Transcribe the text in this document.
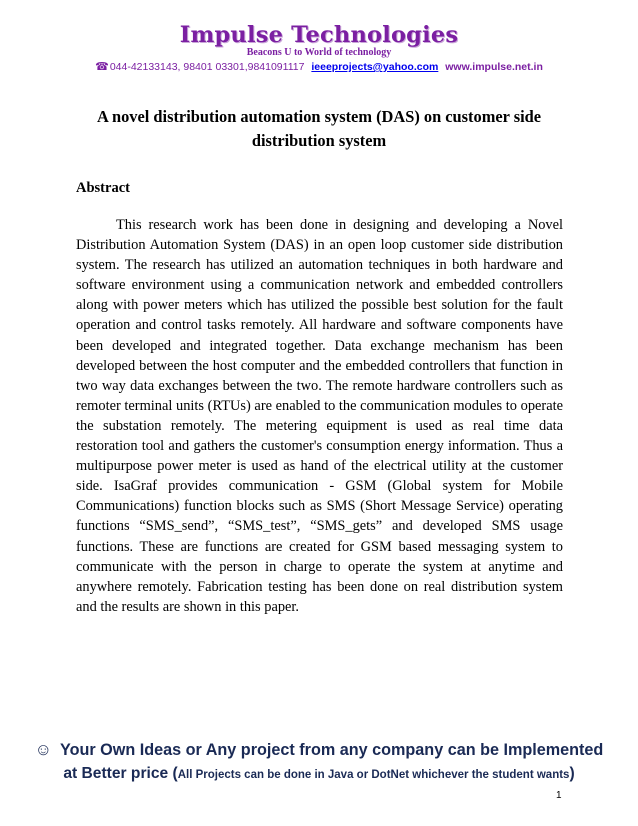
Impulse Technologies
Beacons U to World of technology
☎044-42133143, 98401 03301,9841091117 ieeeprojects@yahoo.com www.impulse.net.in
A novel distribution automation system (DAS) on customer side distribution system
Abstract

This research work has been done in designing and developing a Novel Distribution Automation System (DAS) in an open loop customer side distribution system. The research has utilized an automation techniques in both hardware and software environment using a communication network and embedded controllers along with power meters which has utilized the possible best solution for the fault operation and control tasks remotely. All hardware and software components have been developed and integrated together. Data exchange mechanism has been developed between the host computer and the embedded controllers that function in two way data exchanges between the two. The remote hardware controllers such as remoter terminal units (RTUs) are enabled to the communication modules to operate the substation remotely. The metering equipment is used as real time data restoration tool and gathers the customer's consumption energy information. Thus a multipurpose power meter is used as hand of the electrical utility at the customer side. IsaGraf provides communication - GSM (Global system for Mobile Communications) function blocks such as SMS (Short Message Service) operating functions “SMS_send”, “SMS_test”, “SMS_gets” and developed SMS usage functions. These are functions are created for GSM based messaging system to communicate with the person in charge to operate the system at anytime and anywhere remotely. Fabrication testing has been done on real distribution system and the results are shown in this paper.

☺ Your Own Ideas or Any project from any company can be Implemented
at Better price (All Projects can be done in Java or DotNet whichever the student wants)
1
